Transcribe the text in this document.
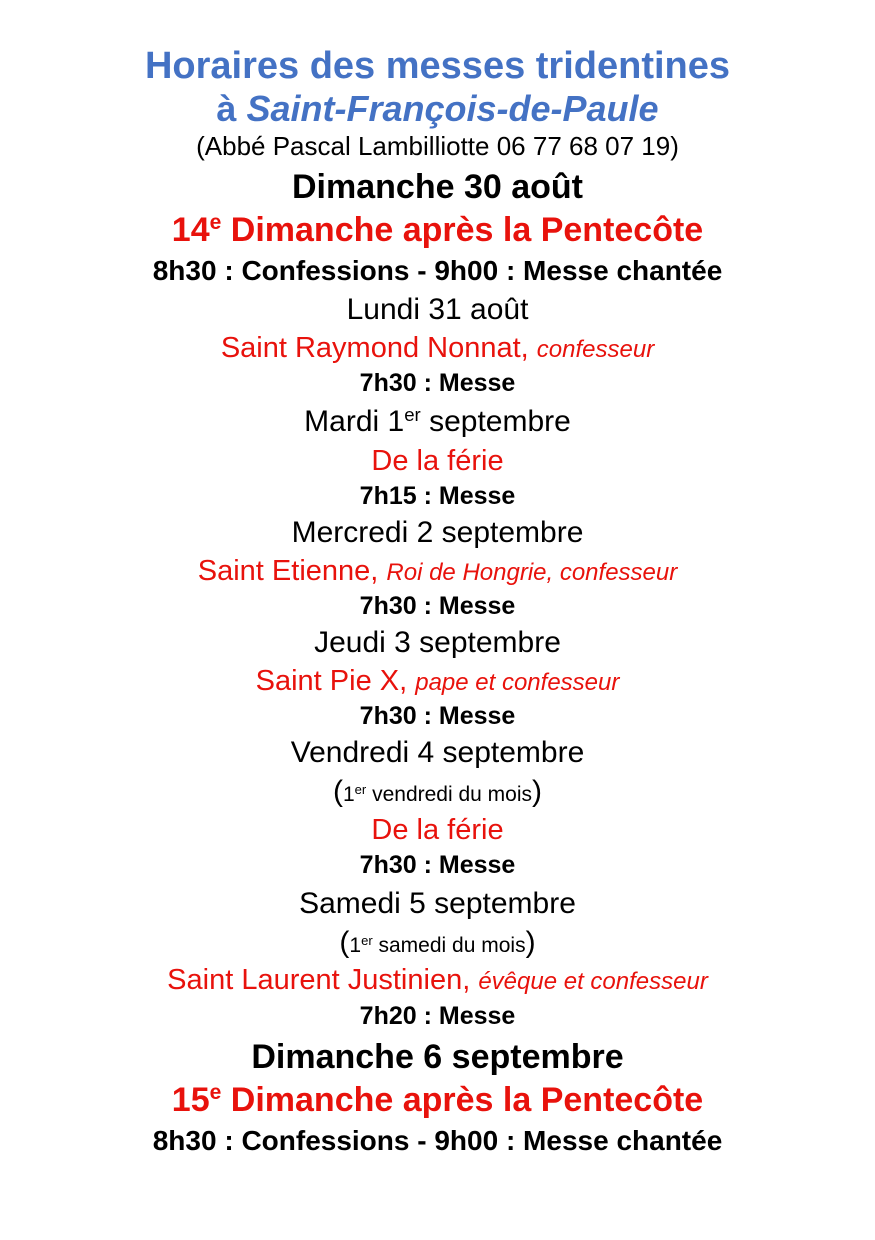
Horaires des messes tridentines
à Saint-François-de-Paule
(Abbé Pascal Lambilliotte 06 77 68 07 19)
Dimanche 30 août
14e Dimanche après la Pentecôte
8h30 : Confessions - 9h00 : Messe chantée
Lundi 31 août
Saint Raymond Nonnat, confesseur
7h30 : Messe
Mardi 1er septembre
De la férie
7h15 : Messe
Mercredi 2 septembre
Saint Etienne, Roi de Hongrie, confesseur
7h30 : Messe
Jeudi 3 septembre
Saint Pie X, pape et confesseur
7h30 : Messe
Vendredi 4 septembre
(1er vendredi du mois)
De la férie
7h30 : Messe
Samedi 5 septembre
(1er samedi du mois)
Saint Laurent Justinien, évêque et confesseur
7h20 : Messe
Dimanche 6 septembre
15e Dimanche après la Pentecôte
8h30 : Confessions - 9h00 : Messe chantée
